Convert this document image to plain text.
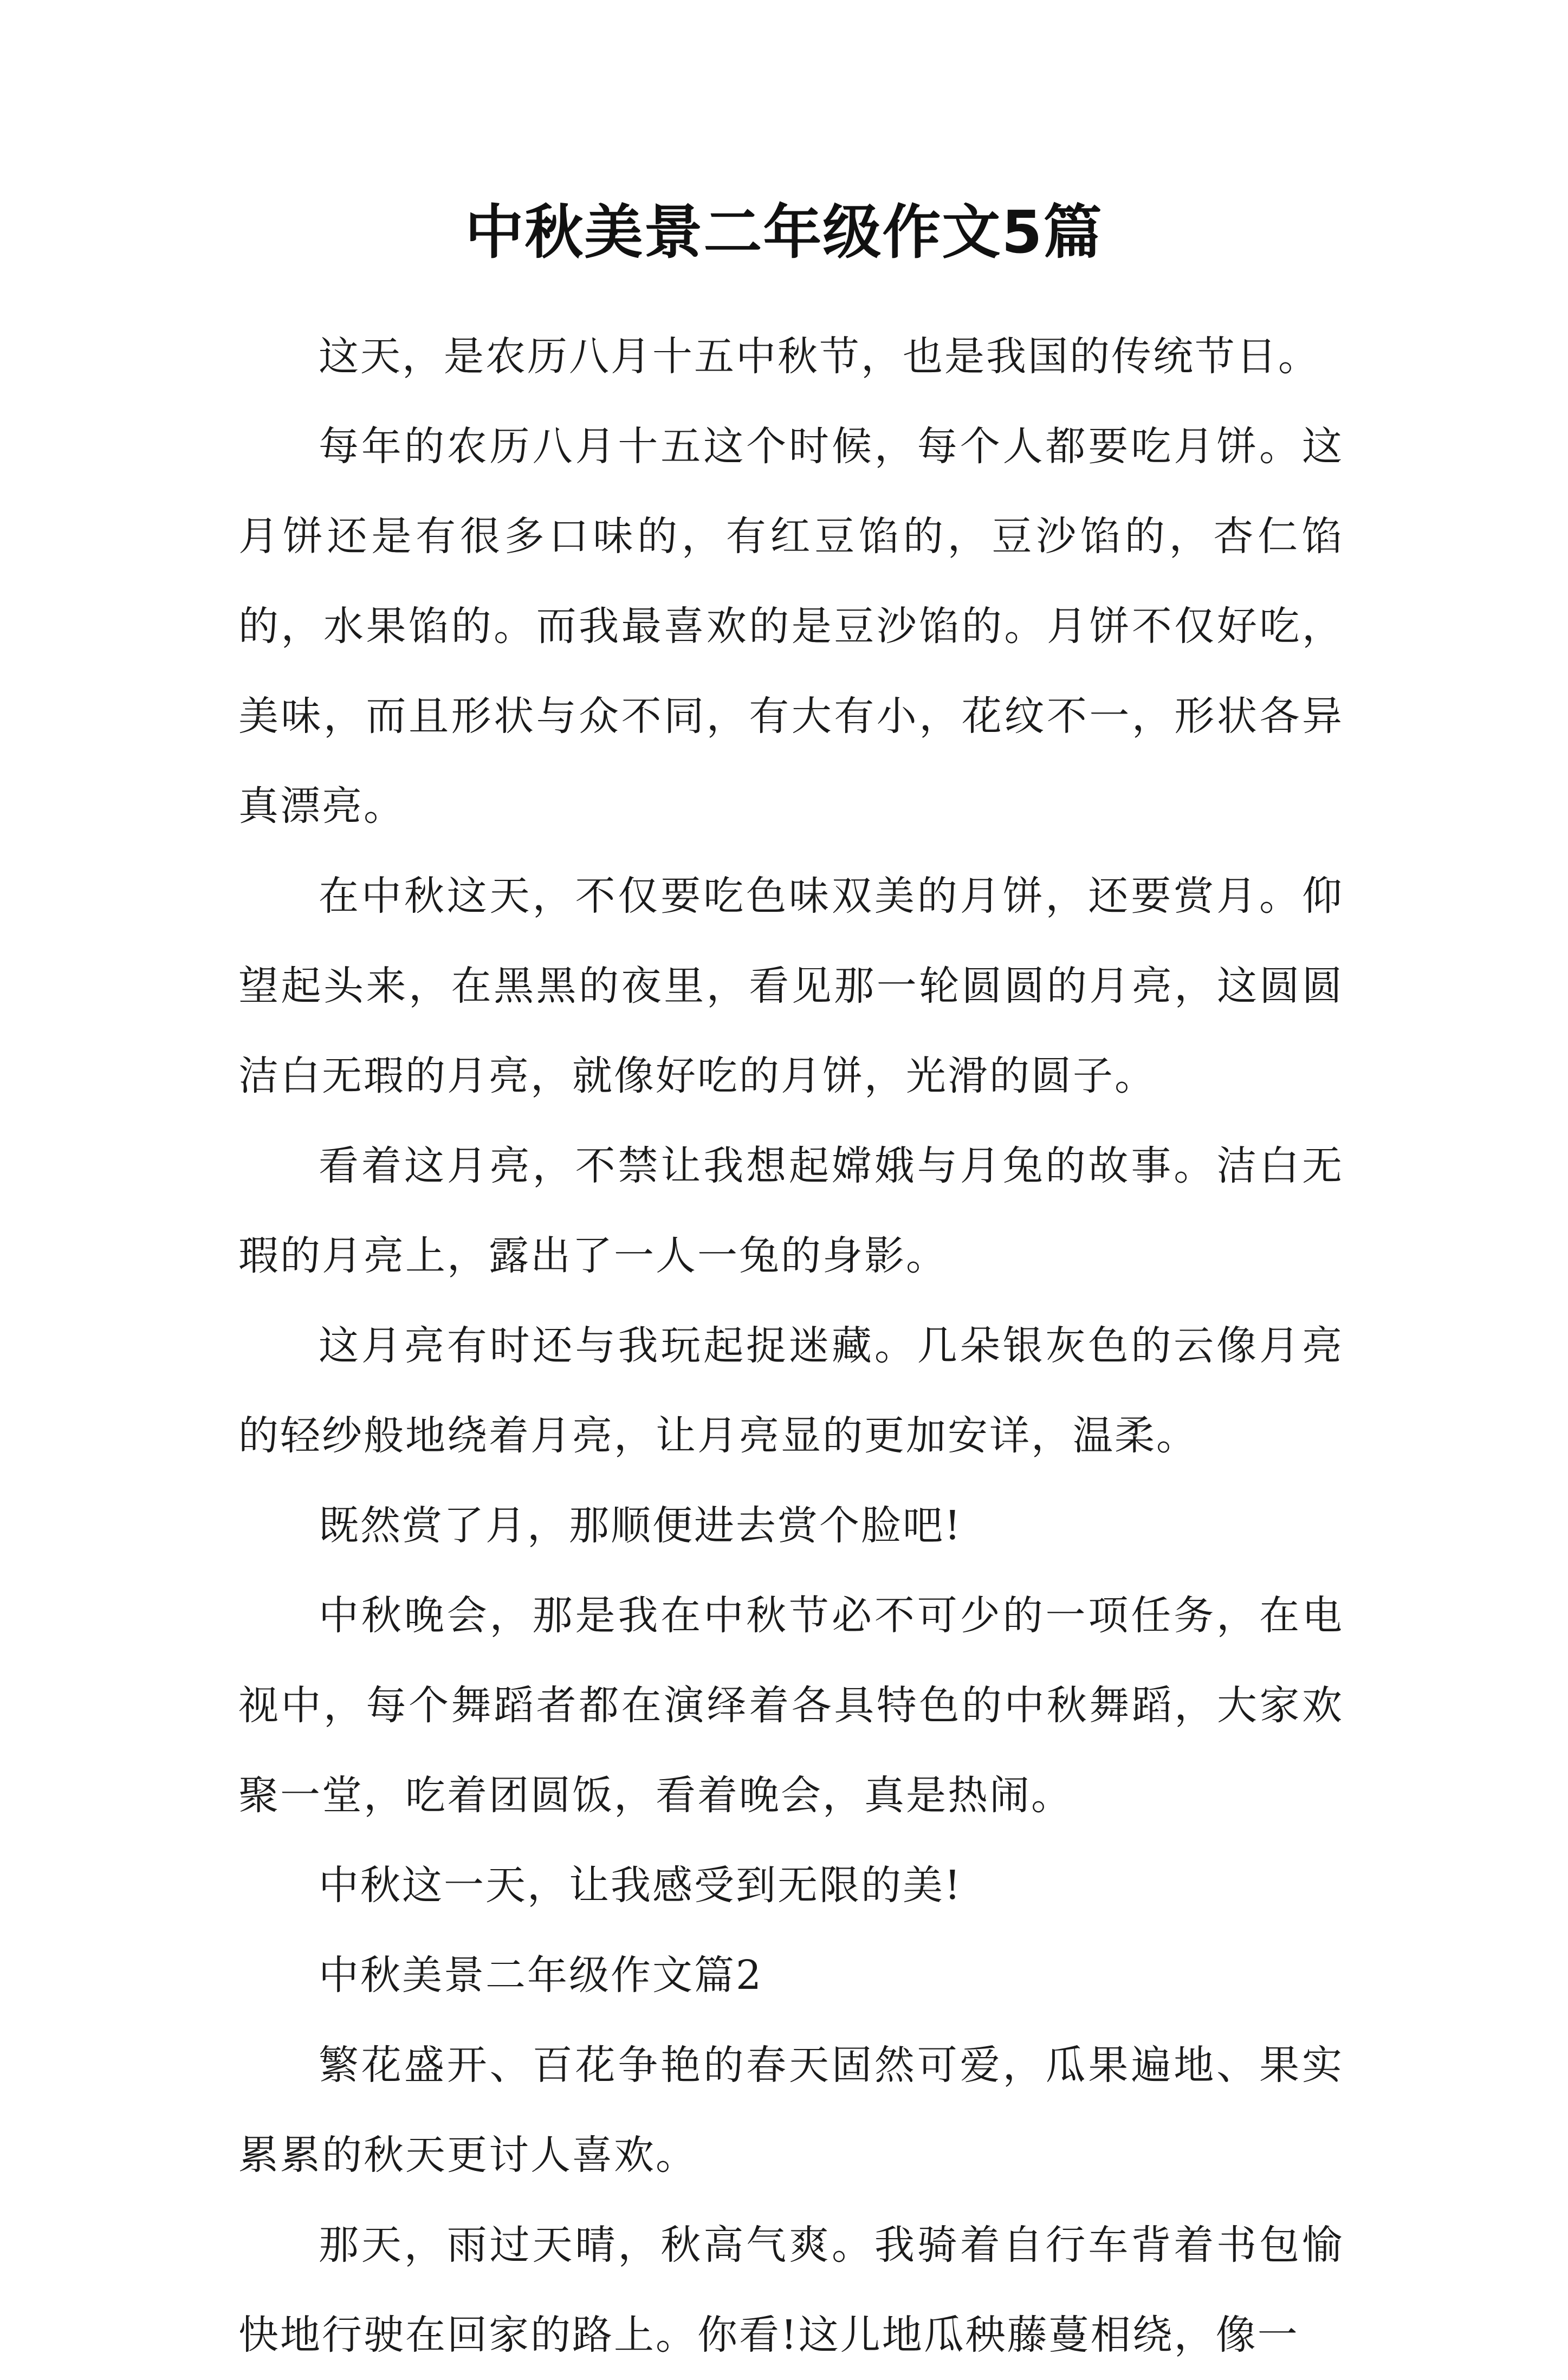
中秋美景二年级作文5篇

这天，是农历八月十五中秋节，也是我国的传统节日。

每年的农历八月十五这个时候，每个人都要吃月饼。这月饼还是有很多口味的，有红豆馅的，豆沙馅的，杏仁馅的，水果馅的。而我最喜欢的是豆沙馅的。月饼不仅好吃，美味，而且形状与众不同，有大有小，花纹不一，形状各异真漂亮。

在中秋这天，不仅要吃色味双美的月饼，还要赏月。仰望起头来，在黑黑的夜里，看见那一轮圆圆的月亮，这圆圆洁白无瑕的月亮，就像好吃的月饼，光滑的圆子。

看着这月亮，不禁让我想起嫦娥与月兔的故事。洁白无瑕的月亮上，露出了一人一兔的身影。

这月亮有时还与我玩起捉迷藏。几朵银灰色的云像月亮的轻纱般地绕着月亮，让月亮显的更加安详，温柔。

既然赏了月，那顺便进去赏个脸吧!

中秋晚会，那是我在中秋节必不可少的一项任务，在电视中，每个舞蹈者都在演绎着各具特色的中秋舞蹈，大家欢聚一堂，吃着团圆饭，看着晚会，真是热闹。

中秋这一天，让我感受到无限的美!

中秋美景二年级作文篇2

繁花盛开、百花争艳的春天固然可爱，瓜果遍地、果实累累的秋天更讨人喜欢。

那天，雨过天晴，秋高气爽。我骑着自行车背着书包愉快地行驶在回家的路上。你看!这儿地瓜秧藤蔓相绕，像一
